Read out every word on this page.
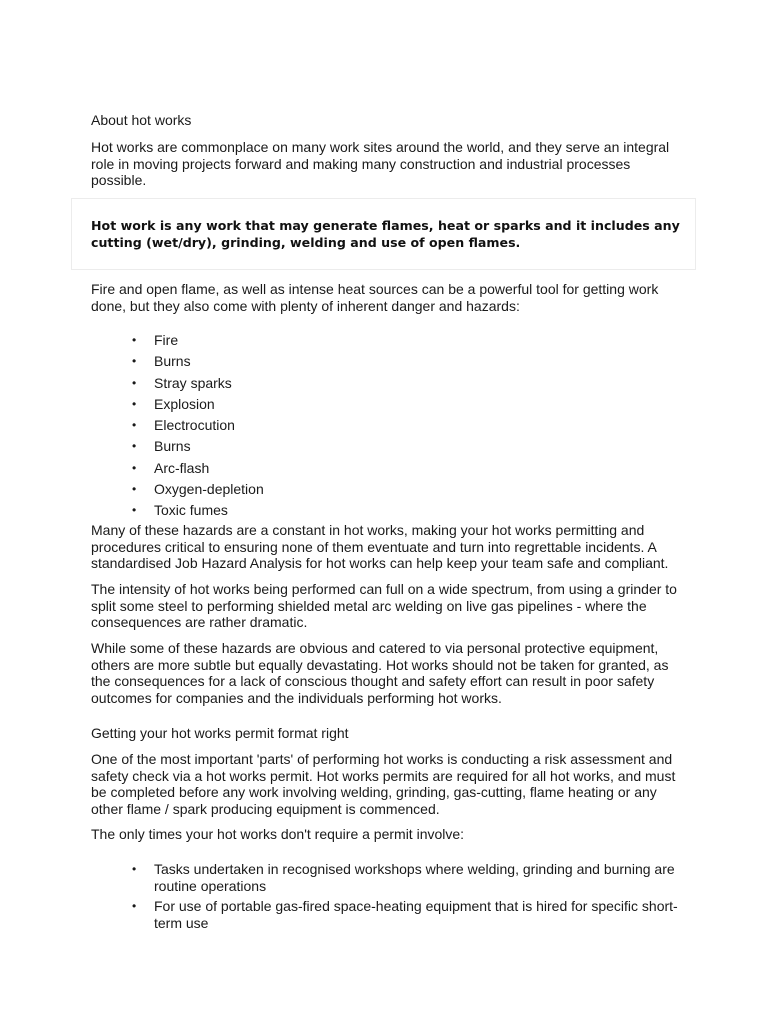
About hot works

Hot works are commonplace on many work sites around the world, and they serve an integral role in moving projects forward and making many construction and industrial processes possible.

Hot work is any work that may generate flames, heat or sparks and it includes any cutting (wet/dry), grinding, welding and use of open flames.

Fire and open flame, as well as intense heat sources can be a powerful tool for getting work done, but they also come with plenty of inherent danger and hazards:

• Fire
• Burns
• Stray sparks
• Explosion
• Electrocution
• Burns
• Arc-flash
• Oxygen-depletion
• Toxic fumes

Many of these hazards are a constant in hot works, making your hot works permitting and procedures critical to ensuring none of them eventuate and turn into regrettable incidents. A standardised Job Hazard Analysis for hot works can help keep your team safe and compliant.

The intensity of hot works being performed can full on a wide spectrum, from using a grinder to split some steel to performing shielded metal arc welding on live gas pipelines - where the consequences are rather dramatic.

While some of these hazards are obvious and catered to via personal protective equipment, others are more subtle but equally devastating. Hot works should not be taken for granted, as the consequences for a lack of conscious thought and safety effort can result in poor safety outcomes for companies and the individuals performing hot works.

Getting your hot works permit format right

One of the most important 'parts' of performing hot works is conducting a risk assessment and safety check via a hot works permit. Hot works permits are required for all hot works, and must be completed before any work involving welding, grinding, gas-cutting, flame heating or any other flame / spark producing equipment is commenced.

The only times your hot works don't require a permit involve:

• Tasks undertaken in recognised workshops where welding, grinding and burning are routine operations
• For use of portable gas-fired space-heating equipment that is hired for specific short-term use
